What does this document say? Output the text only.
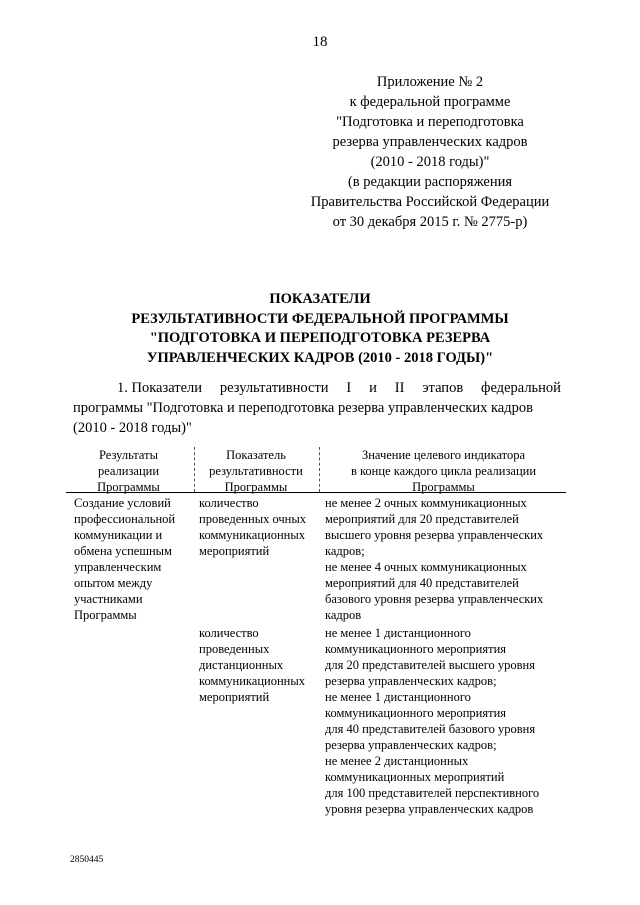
18
Приложение № 2
к федеральной программе
"Подготовка и переподготовка
резерва управленческих кадров
(2010 - 2018 годы)"
(в редакции распоряжения
Правительства Российской Федерации
от 30 декабря 2015 г. № 2775-р)
ПОКАЗАТЕЛИ
РЕЗУЛЬТАТИВНОСТИ ФЕДЕРАЛЬНОЙ ПРОГРАММЫ
"ПОДГОТОВКА И ПЕРЕПОДГОТОВКА РЕЗЕРВА
УПРАВЛЕНЧЕСКИХ КАДРОВ (2010 - 2018 ГОДЫ)"
1. Показатели результативности I и II этапов федеральной
программы "Подготовка и переподготовка резерва управленческих кадров
(2010 - 2018 годы)"
Результаты
реализации
Программы
Показатель
результативности
Программы
Значение целевого индикатора
в конце каждого цикла реализации
Программы
Создание условий
профессиональной
коммуникации и
обмена успешным
управленческим
опытом между
участниками
Программы
количество
проведенных очных
коммуникационных
мероприятий
не менее 2 очных коммуникационных
мероприятий для 20 представителей
высшего уровня резерва управленческих
кадров;
не менее 4 очных коммуникационных
мероприятий для 40 представителей
базового уровня резерва управленческих
кадров
количество
проведенных
дистанционных
коммуникационных
мероприятий
не менее 1 дистанционного
коммуникационного мероприятия
для 20 представителей высшего уровня
резерва управленческих кадров;
не менее 1 дистанционного
коммуникационного мероприятия
для 40 представителей базового уровня
резерва управленческих кадров;
не менее 2 дистанционных
коммуникационных мероприятий
для 100 представителей перспективного
уровня резерва управленческих кадров
2850445
